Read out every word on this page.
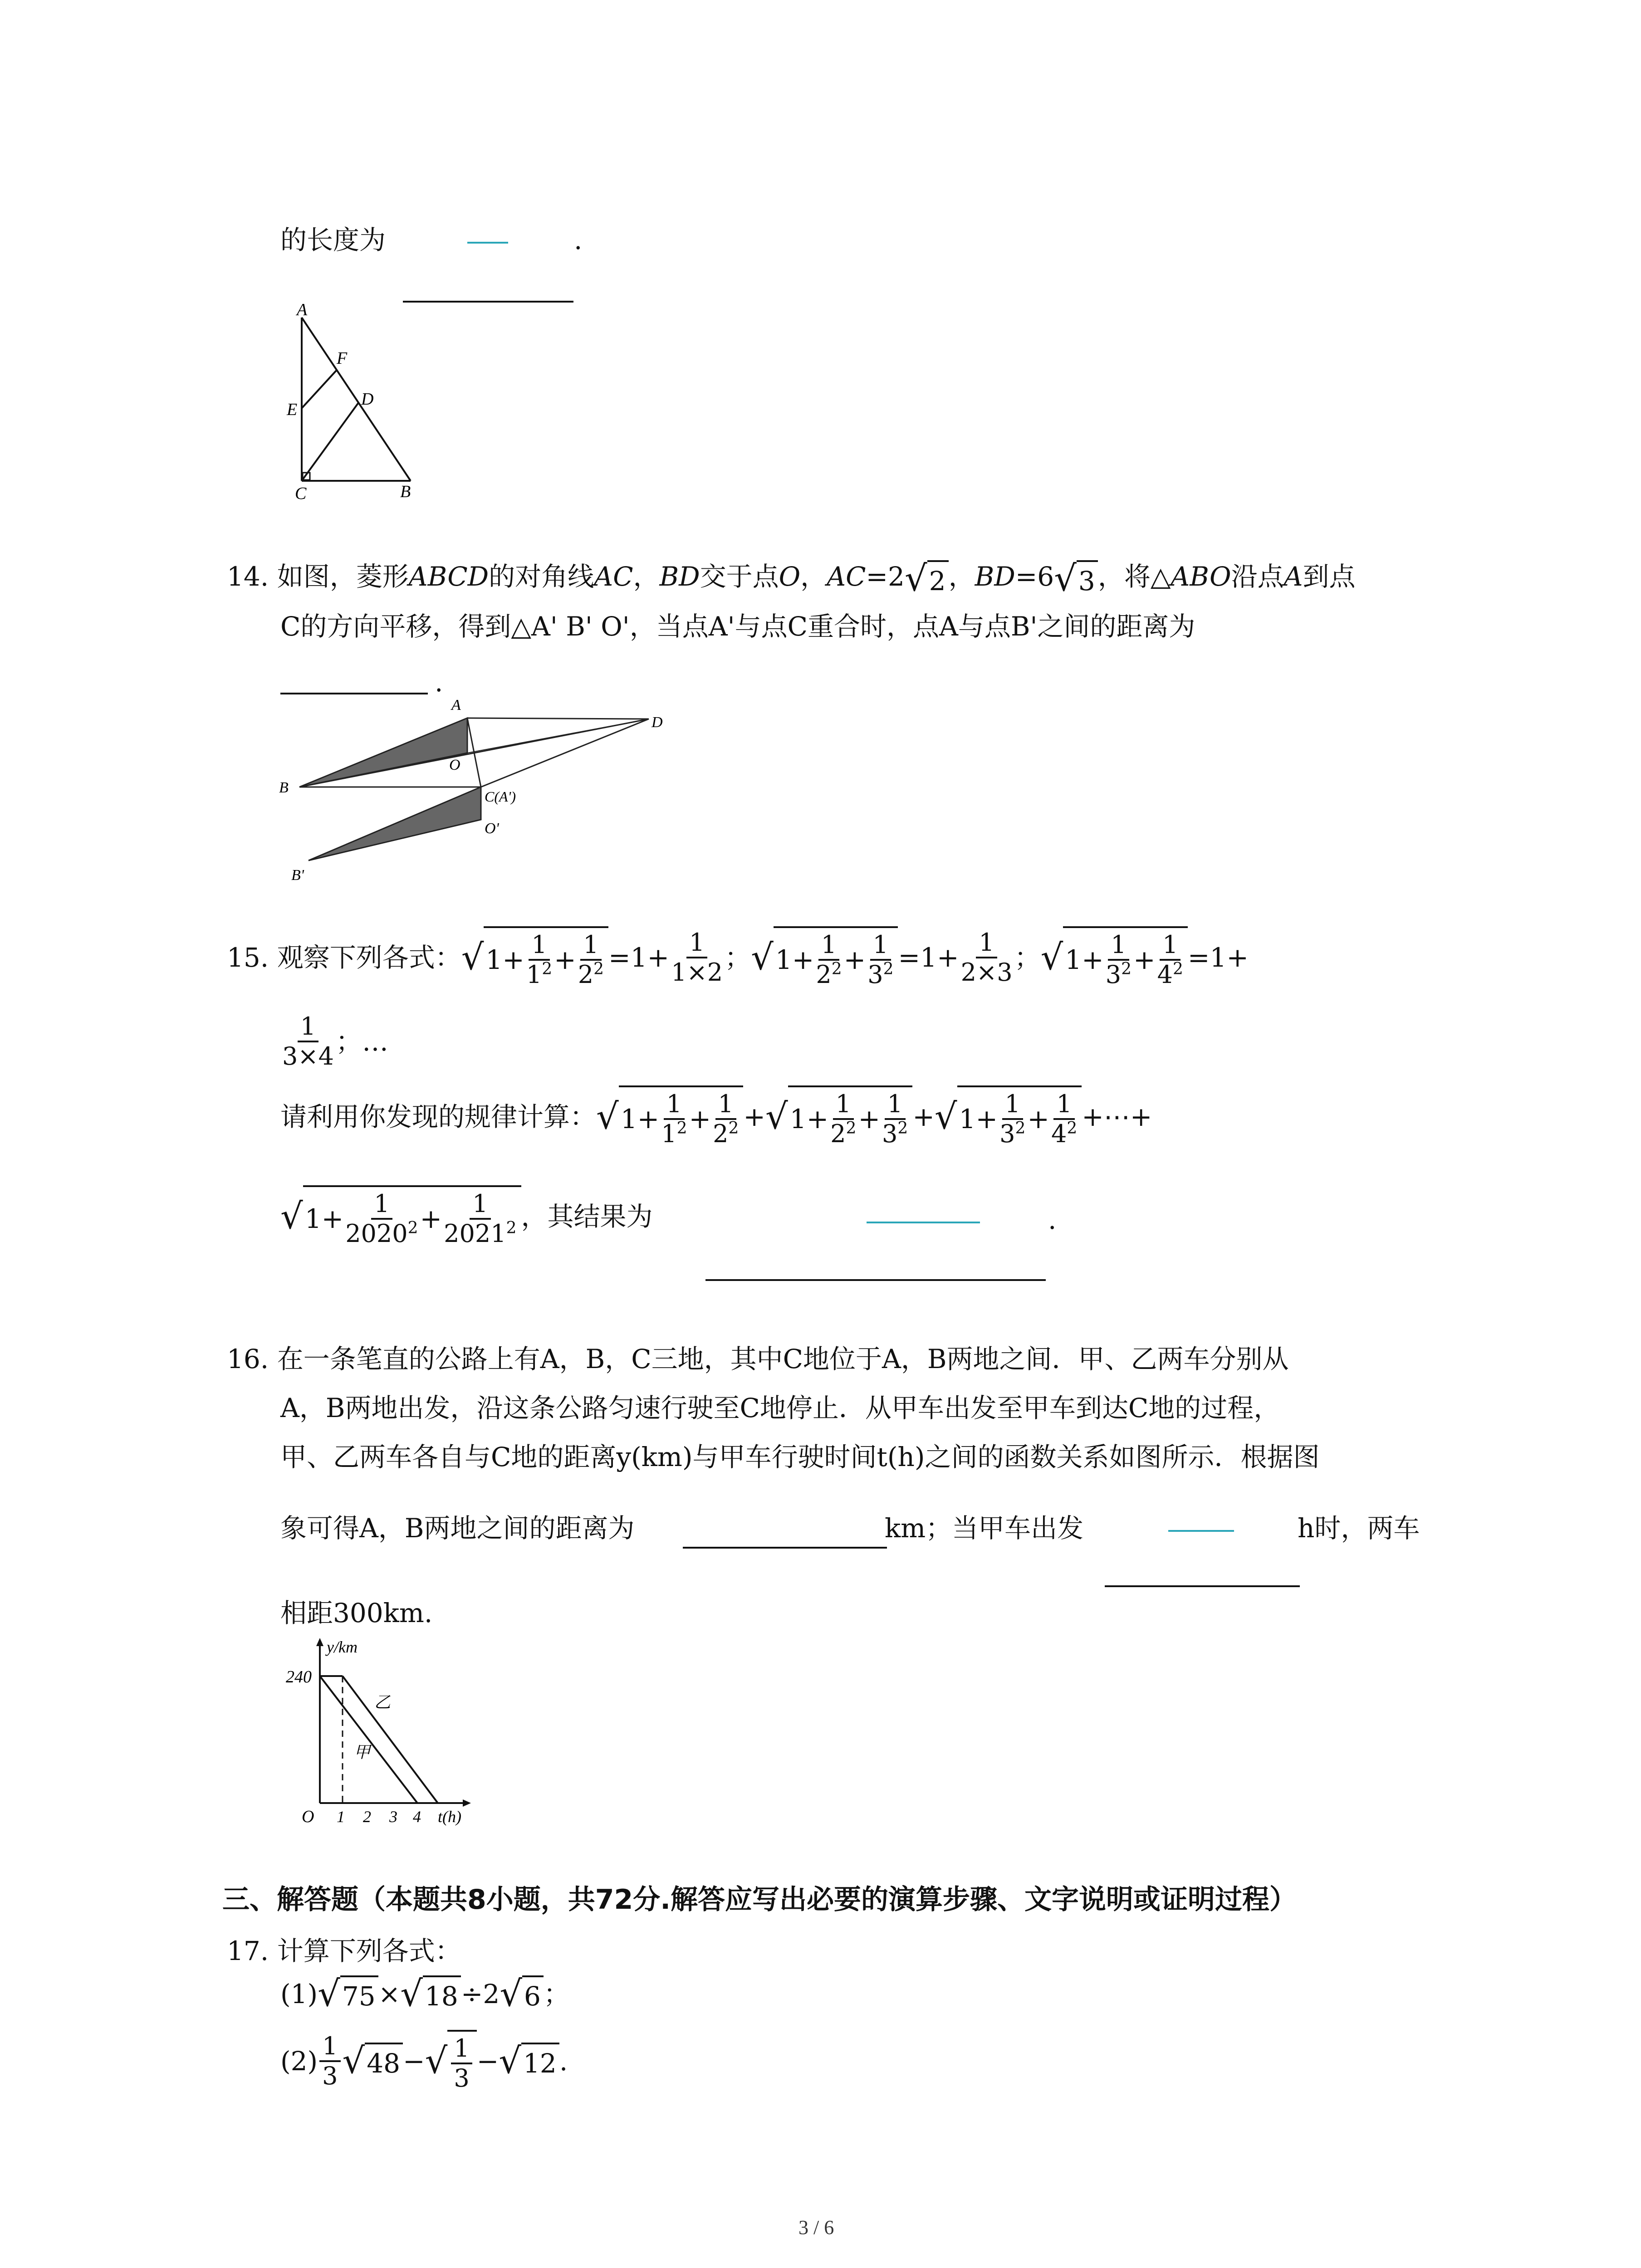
的长度为	.
A
F
E
D
C	B
14. 如图，菱形ABCD的对角线AC，BD交于点O，AC=2 √ 2 ，BD=6 √ 3 ，将△ABO沿点A到点
C的方向平移，得到△A' B' O'，当点A'与点C重合时，点A与点B'之间的距离为
.
A
D
B
O
C(A')
O'
B'
15.
观察下列各式： √ $1+ \frac{1}{1^2} + \frac{1}{2^2} =1+ \frac{1}{1\times 2}$ ； √ $1+ \frac{1}{2^2} + \frac{1}{3^2} =1+ \frac{1}{2\times 3}$ ； √ $1+ \frac{1}{3^2} + \frac{1}{4^2} =1+$
$\frac{1}{3\times 4}$ ；…
请利用你发现的规律计算： √ $1+ \frac{1}{1^2} + \frac{1}{2^2}$ + √ $1+ \frac{1}{2^2} + \frac{1}{3^2}$ + √ $1+ \frac{1}{3^2} + \frac{1}{4^2}$ +⋯+
√ $1+ \frac{1}{2020^2} + \frac{1}{2021^2}$ ，其结果为	.
16. 在一条笔直的公路上有A，B，C三地，其中C地位于A，B两地之间．甲、乙两车分别从
A，B两地出发，沿这条公路匀速行驶至C地停止．从甲车出发至甲车到达C地的过程，
甲、乙两车各自与C地的距离y(km)与甲车行驶时间t(h)之间的函数关系如图所示．根据图
象可得A，B两地之间的距离为	km；当甲车出发	h时，两车
相距300km.
240
y/km
O 1 2 3 4 t(h)
乙
甲
三、解答题（本题共8小题，共72分.解答应写出必要的演算步骤、文字说明或证明过程）
17. 计算下列各式：
(1) √ 75 × √ 18 ÷2 √ 6 ；
$(2) \frac{1}{3}$ √ 48 − √ $\frac{1}{3}$ − √ 12 .
3 / 6
